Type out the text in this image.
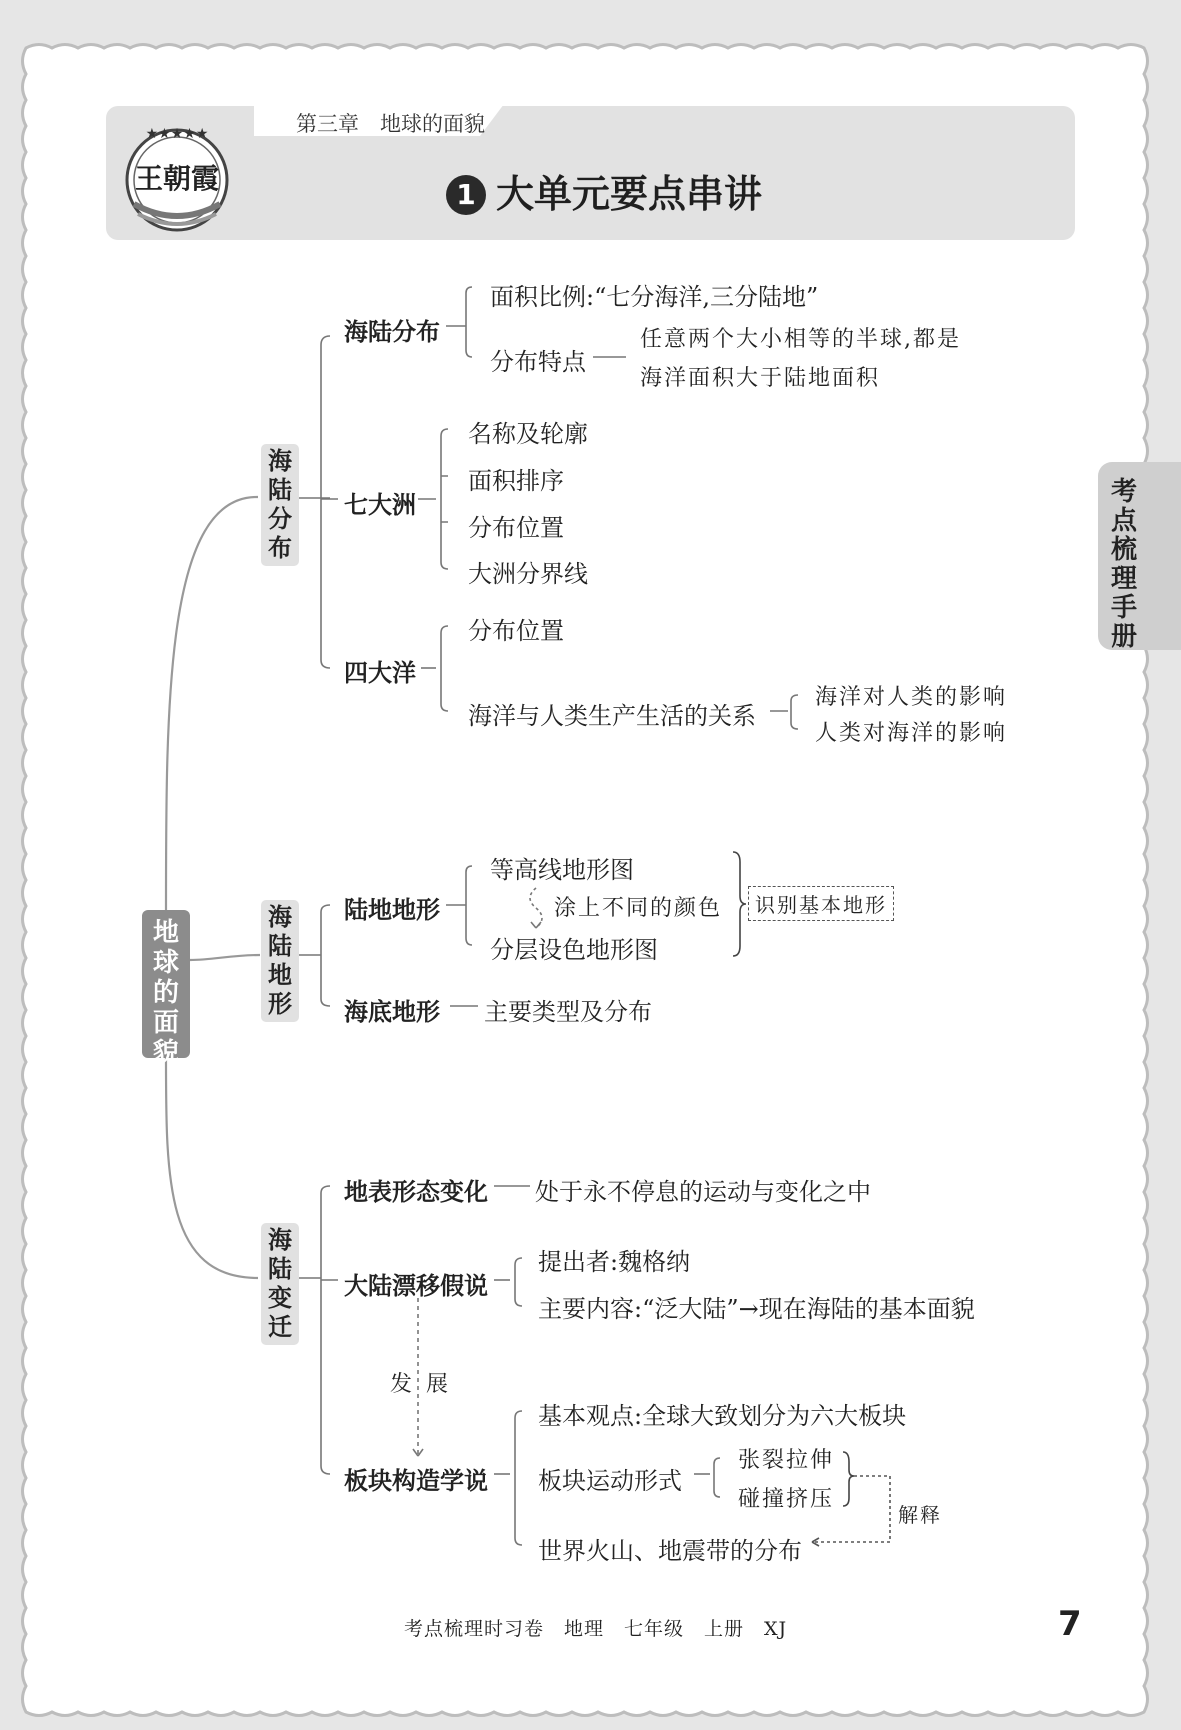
★★★★★
王朝霞
第三章　地球的面貌
1 大单元要点串讲
考点梳理手册
地球的面貌
海陆分布
海陆分布
面积比例:“七分海洋,三分陆地”
分布特点
任意两个大小相等的半球,都是
海洋面积大于陆地面积
七大洲
名称及轮廓
面积排序
分布位置
大洲分界线
四大洋
分布位置
海洋与人类生产生活的关系
海洋对人类的影响
人类对海洋的影响
海陆地形
陆地地形
等高线地形图
涂上不同的颜色
分层设色地形图
识别基本地形
海底地形 主要类型及分布
海陆变迁
地表形态变化 处于永不停息的运动与变化之中
大陆漂移假说
提出者:魏格纳
主要内容:“泛大陆”→现在海陆的基本面貌
发 展
板块构造学说
基本观点:全球大致划分为六大板块
板块运动形式
张裂拉伸
碰撞挤压
解释
世界火山、地震带的分布
考点梳理时习卷　地理　七年级　上册　XJ	7
